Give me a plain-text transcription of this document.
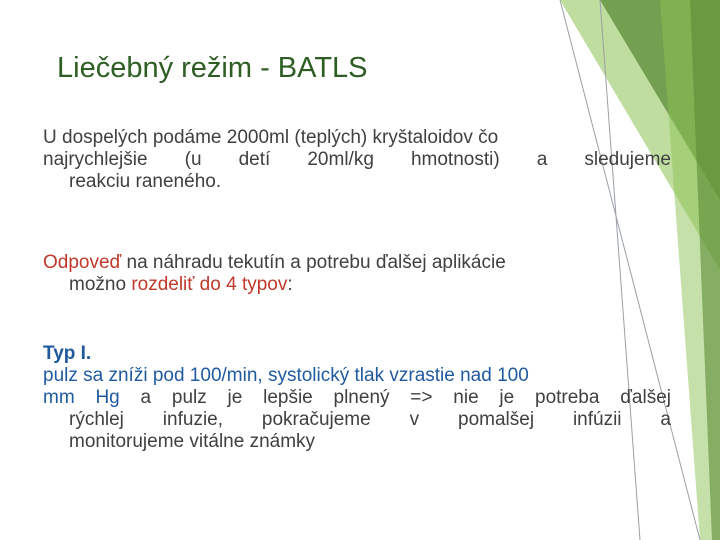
Liečebný režim - BATLS
U dospelých podáme 2000ml (teplých) kryštaloidov čo
najrychlejšie (u detí 20ml/kg hmotnosti) a sledujeme
reakciu raneného.
Odpoveď na náhradu tekutín a potrebu ďalšej aplikácie
možno rozdeliť do 4 typov:
Typ I.
pulz sa zníži pod 100/min, systolický tlak vzrastie nad 100
mm Hg a pulz je lepšie plnený => nie je potreba ďalšej
rýchlej infuzie, pokračujeme v pomalšej infúzii a
monitorujeme vitálne známky
